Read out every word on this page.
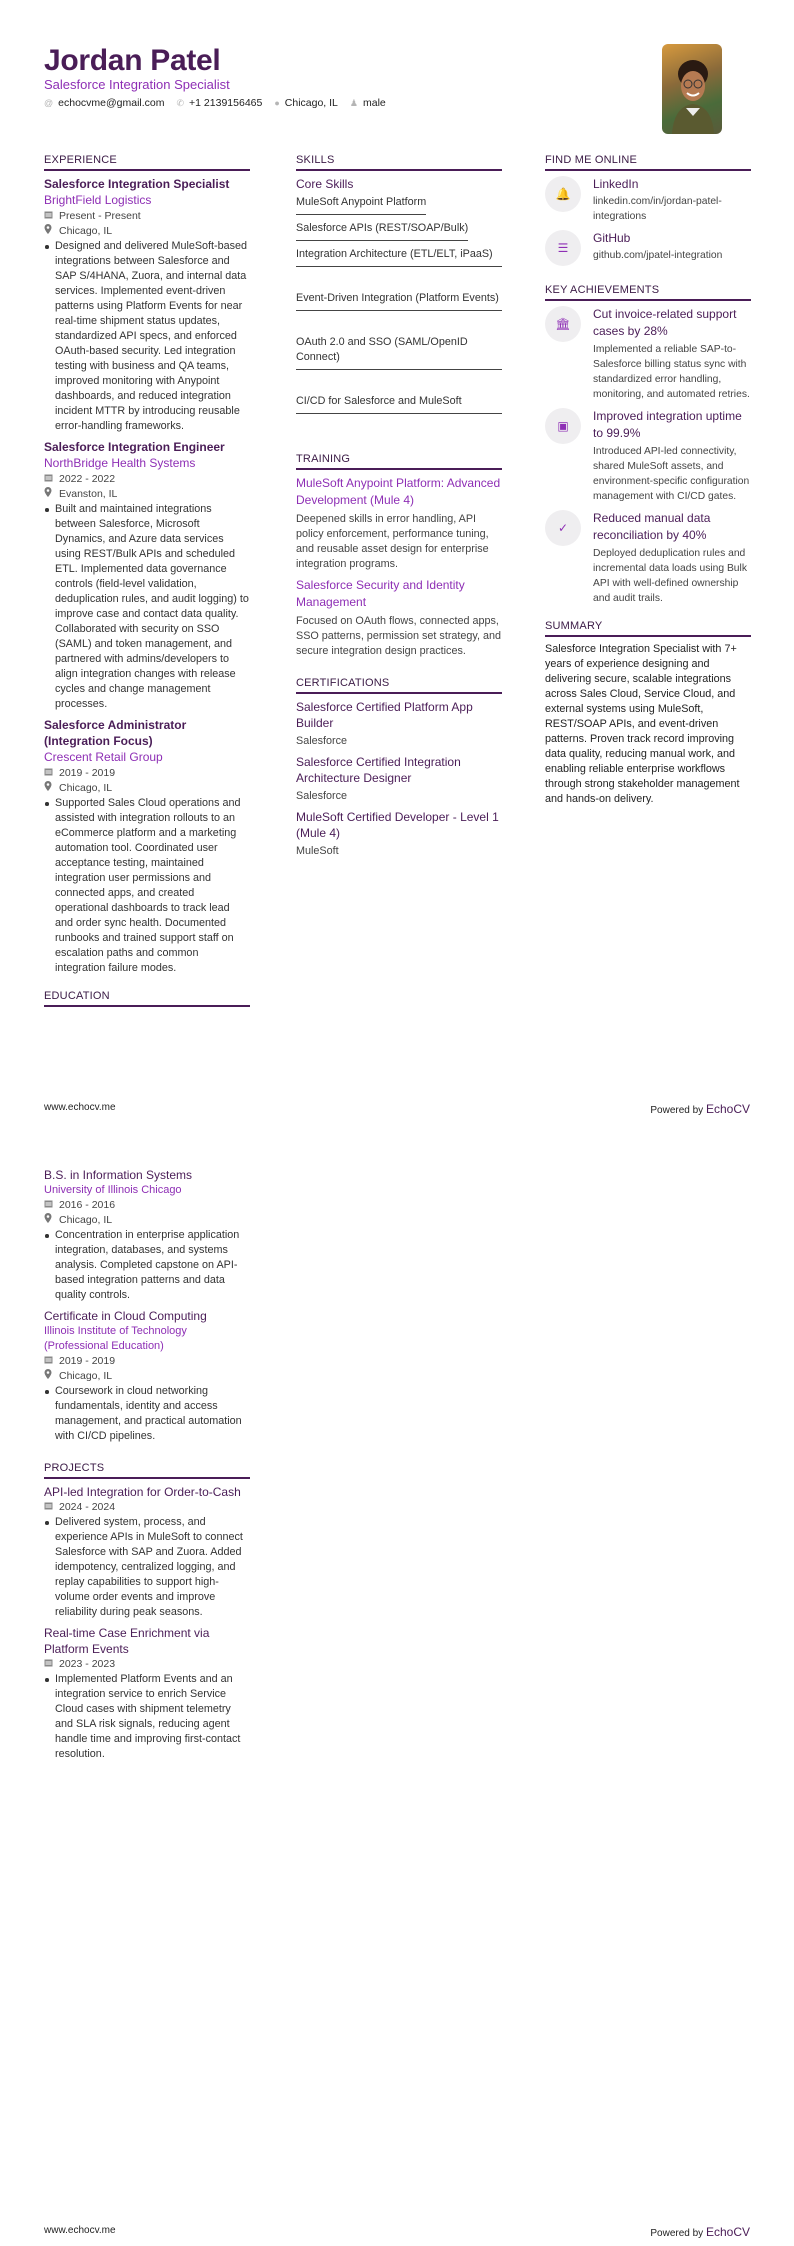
Jordan Patel
Salesforce Integration Specialist
@ echocvme@gmail.com ✆ +1 2139156465 ● Chicago, IL ♟ male
EXPERIENCE
Salesforce Integration Specialist
BrightField Logistics
Present - Present
Chicago, IL
Designed and delivered MuleSoft-based integrations between Salesforce and SAP S/4HANA, Zuora, and internal data services. Implemented event-driven patterns using Platform Events for near real-time shipment status updates, standardized API specs, and enforced OAuth-based security. Led integration testing with business and QA teams, improved monitoring with Anypoint dashboards, and reduced integration incident MTTR by introducing reusable error-handling frameworks.
Salesforce Integration Engineer
NorthBridge Health Systems
2022 - 2022
Evanston, IL
Built and maintained integrations between Salesforce, Microsoft Dynamics, and Azure data services using REST/Bulk APIs and scheduled ETL. Implemented data governance controls (field-level validation, deduplication rules, and audit logging) to improve case and contact data quality. Collaborated with security on SSO (SAML) and token management, and partnered with admins/developers to align integration changes with release cycles and change management processes.
Salesforce Administrator (Integration Focus)
Crescent Retail Group
2019 - 2019
Chicago, IL
Supported Sales Cloud operations and assisted with integration rollouts to an eCommerce platform and a marketing automation tool. Coordinated user acceptance testing, maintained integration user permissions and connected apps, and created operational dashboards to track lead and order sync health. Documented runbooks and trained support staff on escalation paths and common integration failure modes.
EDUCATION
SKILLS
Core Skills
MuleSoft Anypoint Platform
Salesforce APIs (REST/SOAP/Bulk)

Integration Architecture (ETL/ELT, iPaaS)

Event-Driven Integration (Platform Events)

OAuth 2.0 and SSO (SAML/OpenID Connect)

CI/CD for Salesforce and MuleSoft

TRAINING
MuleSoft Anypoint Platform: Advanced Development (Mule 4)
Deepened skills in error handling, API policy enforcement, performance tuning, and reusable asset design for enterprise integration programs.
Salesforce Security and Identity Management
Focused on OAuth flows, connected apps, SSO patterns, permission set strategy, and secure integration design practices.
CERTIFICATIONS
Salesforce Certified Platform App Builder
Salesforce
Salesforce Certified Integration Architecture Designer
Salesforce
MuleSoft Certified Developer - Level 1 (Mule 4)
MuleSoft
FIND ME ONLINE
🔔
LinkedIn
linkedin.com/in/jordan-patel-integrations
☰
GitHub
github.com/jpatel-integration
KEY ACHIEVEMENTS
🏛
Cut invoice-related support cases by 28%
Implemented a reliable SAP-to-Salesforce billing status sync with standardized error handling, monitoring, and automated retries.
▣
Improved integration uptime to 99.9%
Introduced API-led connectivity, shared MuleSoft assets, and environment-specific configuration management with CI/CD gates.
✓
Reduced manual data reconciliation by 40%
Deployed deduplication rules and incremental data loads using Bulk API with well-defined ownership and audit trails.
SUMMARY
Salesforce Integration Specialist with 7+ years of experience designing and delivering secure, scalable integrations across Sales Cloud, Service Cloud, and external systems using MuleSoft, REST/SOAP APIs, and event-driven patterns. Proven track record improving data quality, reducing manual work, and enabling reliable enterprise workflows through strong stakeholder management and hands-on delivery.
www.echocv.me	Powered by EchoCV
B.S. in Information Systems
University of Illinois Chicago
2016 - 2016
Chicago, IL
Concentration in enterprise application integration, databases, and systems analysis. Completed capstone on API-based integration patterns and data quality controls.
Certificate in Cloud Computing
Illinois Institute of Technology (Professional Education)
2019 - 2019
Chicago, IL
Coursework in cloud networking fundamentals, identity and access management, and practical automation with CI/CD pipelines.
PROJECTS
API-led Integration for Order-to-Cash
2024 - 2024
Delivered system, process, and experience APIs in MuleSoft to connect Salesforce with SAP and Zuora. Added idempotency, centralized logging, and replay capabilities to support high-volume order events and improve reliability during peak seasons.
Real-time Case Enrichment via Platform Events
2023 - 2023
Implemented Platform Events and an integration service to enrich Service Cloud cases with shipment telemetry and SLA risk signals, reducing agent handle time and improving first-contact resolution.
www.echocv.me	Powered by EchoCV
